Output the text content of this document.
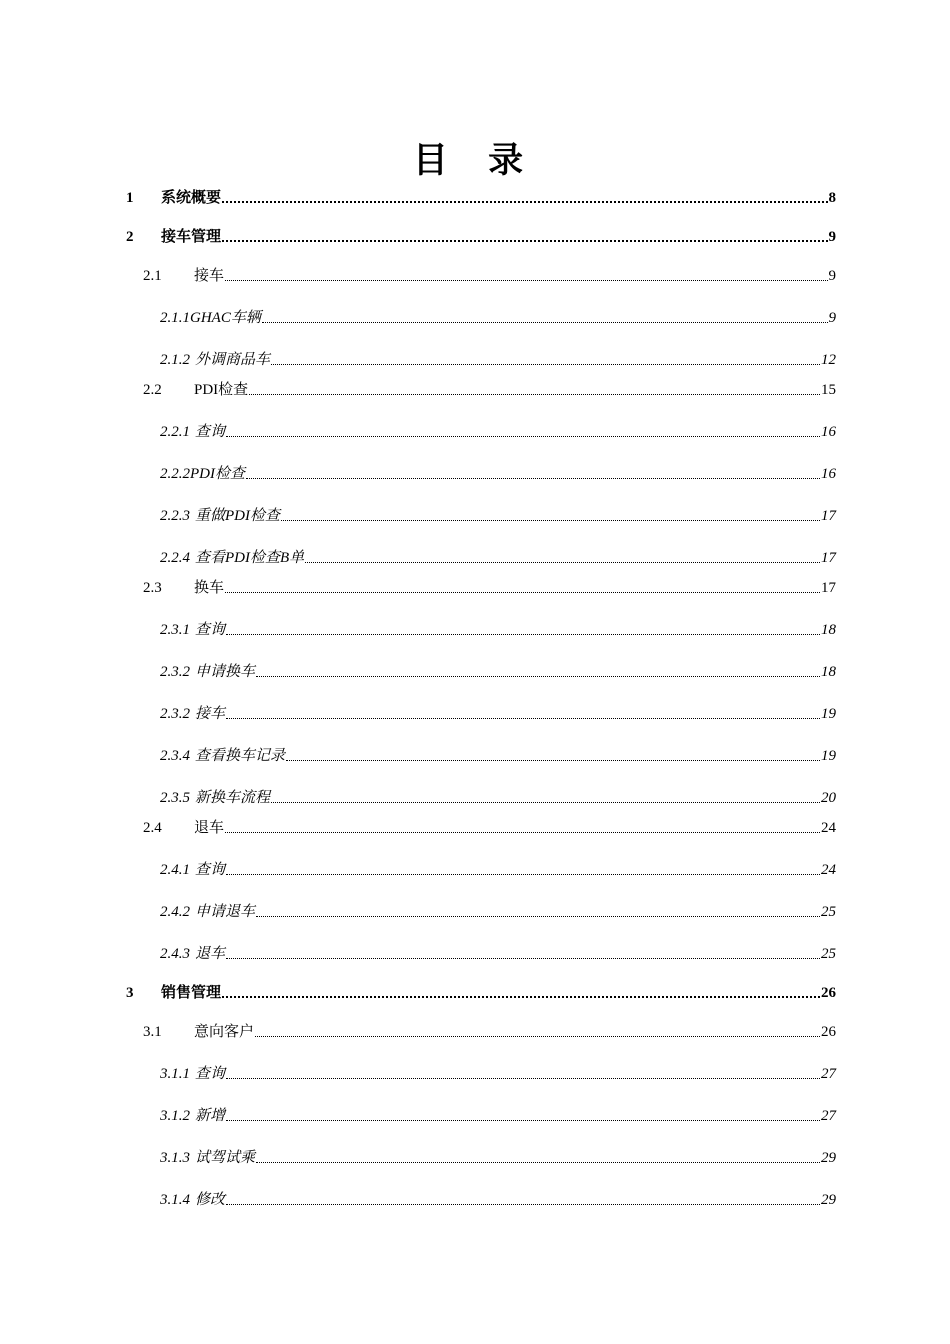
目 录
1	系统概要	8
2	接车管理	9
2.1	接车	9
2.1.1 GHAC车辆	9
2.1.2 外调商品车	12
2.2	PDI检查	15
2.2.1 查询	16
2.2.2 PDI检查	16
2.2.3 重做PDI检查	17
2.2.4 查看PDI检查B单	17
2.3	换车	17
2.3.1 查询	18
2.3.2 申请换车	18
2.3.2 接车	19
2.3.4 查看换车记录	19
2.3.5 新换车流程	20
2.4	退车	24
2.4.1 查询	24
2.4.2 申请退车	25
2.4.3 退车	25
3	销售管理	26
3.1	意向客户	26
3.1.1 查询	27
3.1.2 新增	27
3.1.3 试驾试乘	29
3.1.4 修改	29
